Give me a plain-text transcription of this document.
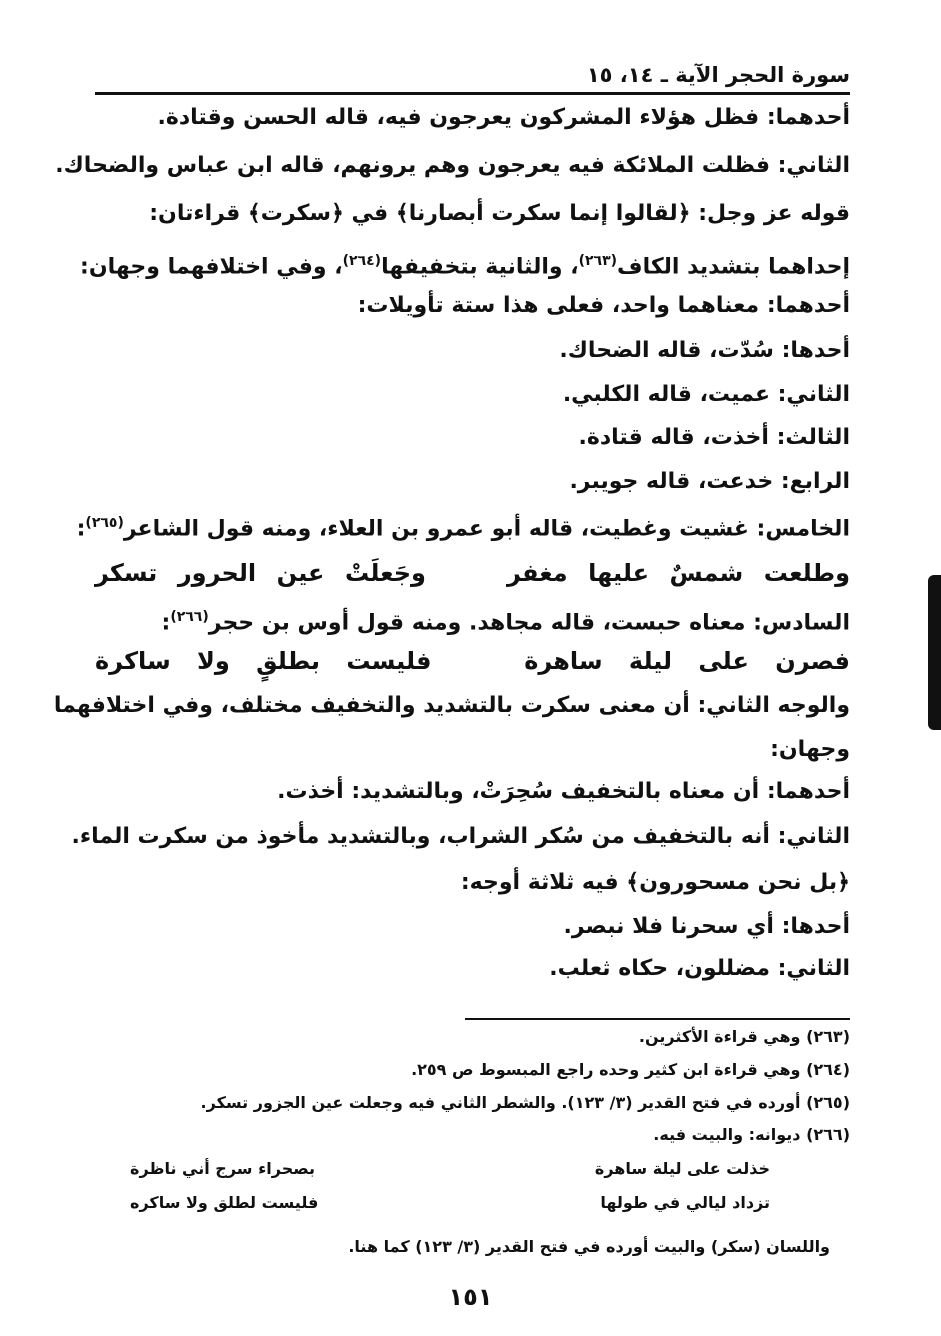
سورة الحجر الآية ـ ١٤، ١٥
أحدهما: فظل هؤلاء المشركون يعرجون فيه، قاله الحسن وقتادة.
الثاني: فظلت الملائكة فيه يعرجون وهم يرونهم، قاله ابن عباس والضحاك.
قوله عز وجل: ﴿لقالوا إنما سكرت أبصارنا﴾ في ﴿سكرت﴾ قراءتان:
إحداهما بتشديد الكاف$^{(٢٦٣)}$، والثانية بتخفيفها$^{(٢٦٤)}$، وفي اختلافهما وجهان:
أحدهما: معناهما واحد، فعلى هذا ستة تأويلات:
أحدها: سُدّت، قاله الضحاك.
الثاني: عميت، قاله الكلبي.
الثالث: أخذت، قاله قتادة.
الرابع: خدعت، قاله جويبر.
الخامس: غشيت وغطيت، قاله أبو عمرو بن العلاء، ومنه قول الشاعر$^{(٢٦٥)}$:
وطلعت شمسٌ عليها مغفر  وجَعلَتْ عين الحرور تسكر
السادس: معناه حبست، قاله مجاهد. ومنه قول أوس بن حجر$^{(٢٦٦)}$:
فصرن على ليلة ساهرة  فليست بطلقٍ ولا ساكرة
والوجه الثاني: أن معنى سكرت بالتشديد والتخفيف مختلف، وفي اختلافهما
وجهان:
أحدهما: أن معناه بالتخفيف سُحِرَتْ، وبالتشديد: أخذت.
الثاني: أنه بالتخفيف من سُكر الشراب، وبالتشديد مأخوذ من سكرت الماء.
﴿بل نحن مسحورون﴾ فيه ثلاثة أوجه:
أحدها: أي سحرنا فلا نبصر.
الثاني: مضللون، حكاه ثعلب.
(٢٦٣) وهي قراءة الأكثرين.
(٢٦٤) وهي قراءة ابن كثير وحده راجع المبسوط ص ٢٥٩.
(٢٦٥) أورده في فتح القدير (٣/ ١٢٣). والشطر الثاني فيه وجعلت عين الجزور تسكر.
(٢٦٦) ديوانه: والبيت فيه.
خذلت على ليلة ساهرة
بصحراء سرج أني ناظرة
تزداد ليالي في طولها
فليست لطلق ولا ساكره
واللسان (سكر) والبيت أورده في فتح القدير (٣/ ١٢٣) كما هنا.
١٥١
